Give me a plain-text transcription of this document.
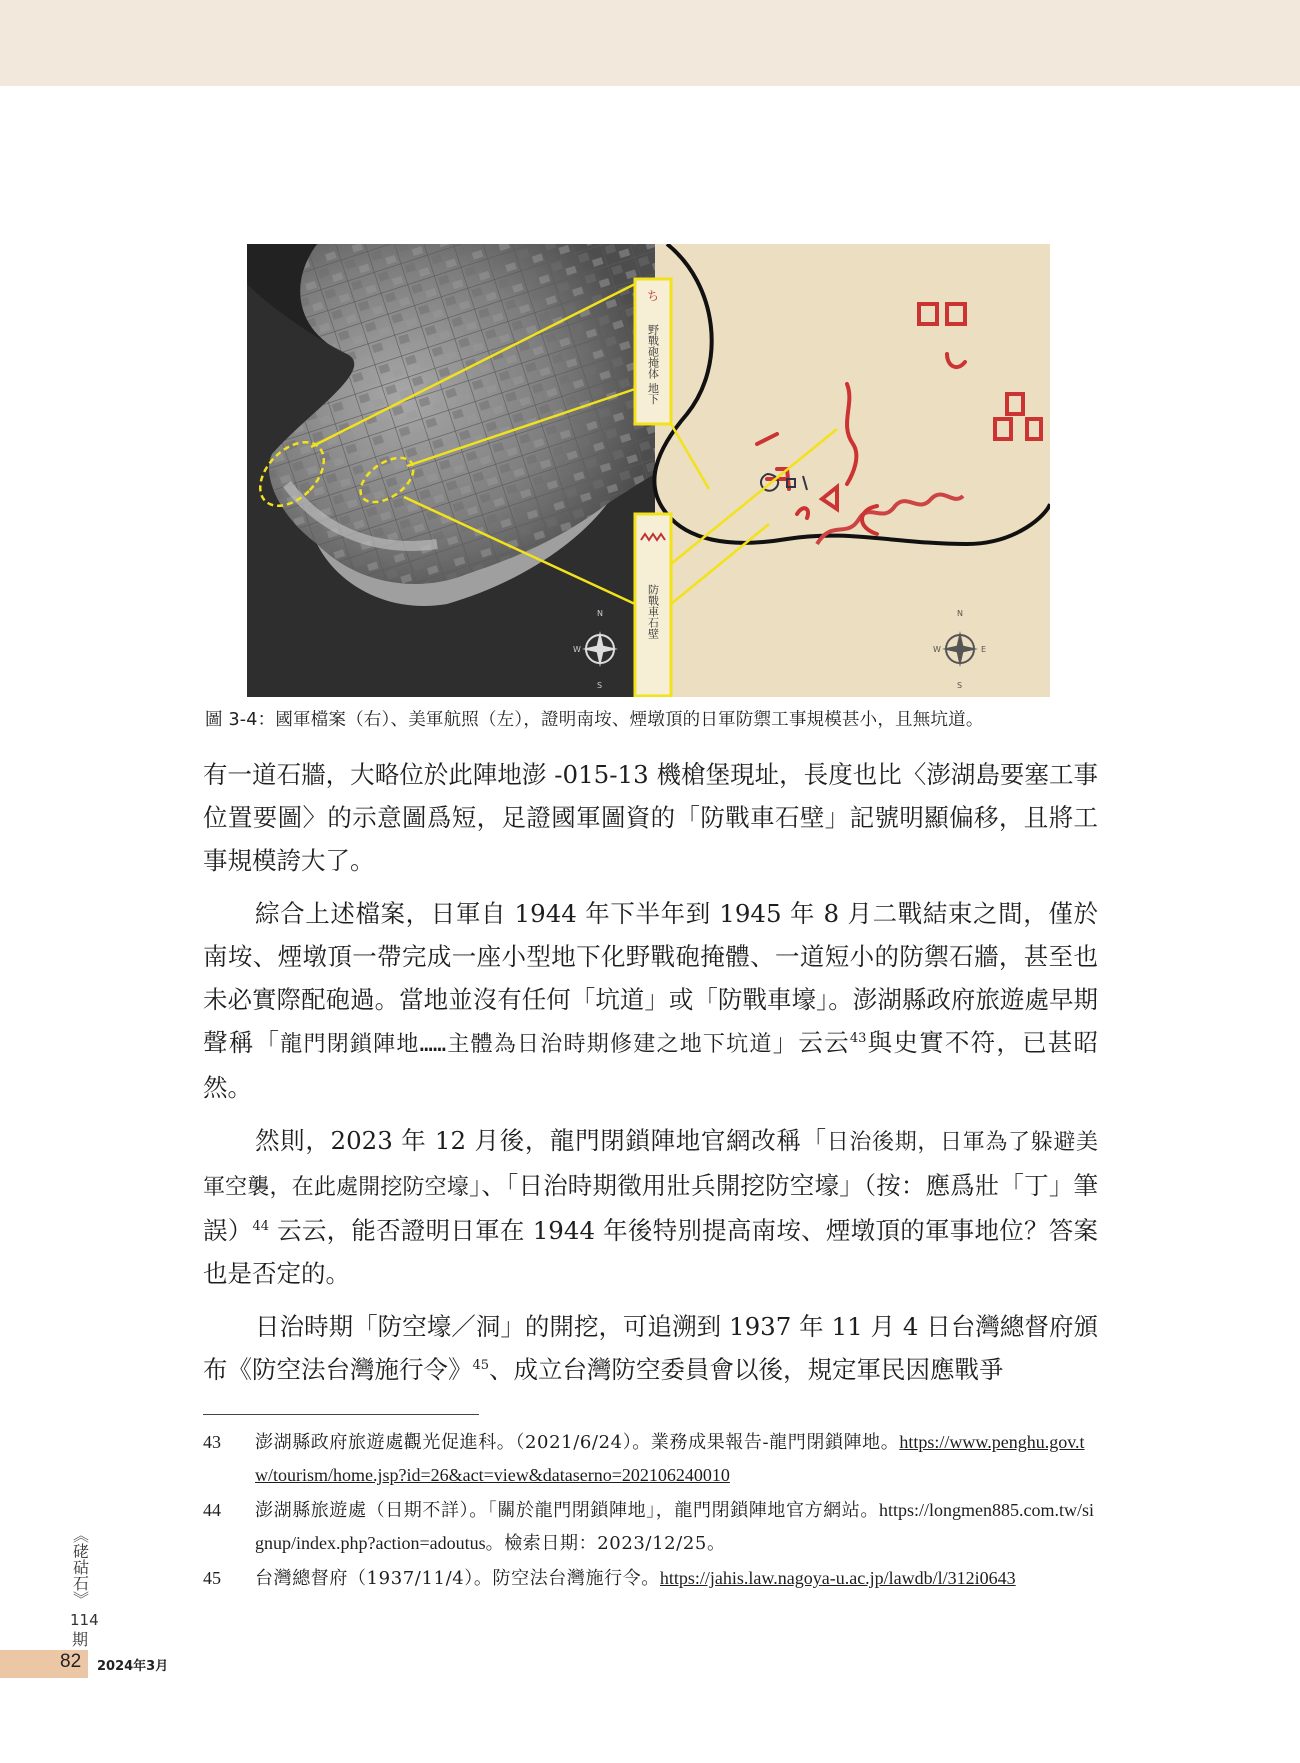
N
S
W
N
S
W	E
ち
野戰砲掩体 地下
防戰車石壁
圖 3-4：國軍檔案（右）、美軍航照（左），證明南垵、煙墩頂的日軍防禦工事規模甚小，且無坑道。

有一道石牆，大略位於此陣地澎 -015-13 機槍堡現址，長度也比〈澎湖島要塞工事位置要圖〉的示意圖爲短，足證國軍圖資的「防戰車石壁」記號明顯偏移，且將工事規模誇大了。

綜合上述檔案，日軍自 1944 年下半年到 1945 年 8 月二戰結束之間，僅於南垵、煙墩頂一帶完成一座小型地下化野戰砲掩體、一道短小的防禦石牆，甚至也未必實際配砲過。當地並沒有任何「坑道」或「防戰車壕」。澎湖縣政府旅遊處早期聲稱「龍門閉鎖陣地……主體為日治時期修建之地下坑道」云云$^{43}$與史實不符，已甚昭然。

然則，2023 年 12 月後，龍門閉鎖陣地官網改稱「日治後期，日軍為了躲避美軍空襲，在此處開挖防空壕」、「日治時期徵用壯兵開挖防空壕」（按：應爲壯「丁」筆誤）$^{44}$ 云云，能否證明日軍在 1944 年後特別提高南垵、煙墩頂的軍事地位？答案也是否定的。

日治時期「防空壕／洞」的開挖，可追溯到 1937 年 11 月 4 日台灣總督府頒布《防空法台灣施行令》$^{45}$、成立台灣防空委員會以後，規定軍民因應戰爭

43	澎湖縣政府旅遊處觀光促進科。（2021/6/24）。業務成果報告-龍門閉鎖陣地。https://www.penghu.gov.tw/tourism/home.jsp?id=26&act=view&dataserno=202106240010
44	澎湖縣旅遊處（日期不詳）。「關於龍門閉鎖陣地」，龍門閉鎖陣地官方網站。https://longmen885.com.tw/signup/index.php?action=adoutus。檢索日期：2023/12/25。
45	台灣總督府（1937/11/4）。防空法台灣施行令。https://jahis.law.nagoya-u.ac.jp/lawdb/l/312i0643
《硓𥑮石》
114
期
82 2024年3月
